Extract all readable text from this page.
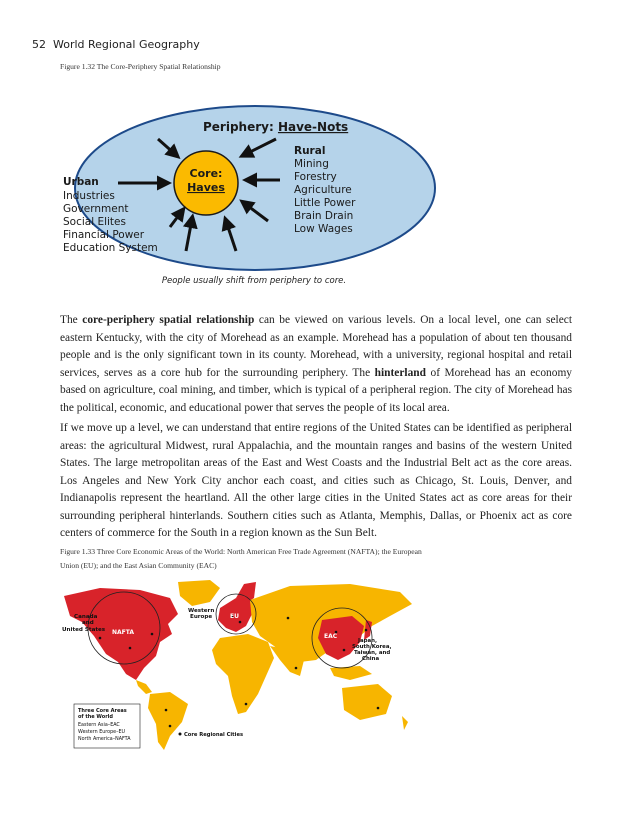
52 World Regional Geography
Figure 1.32 The Core-Periphery Spatial Relationship
Periphery: Have-Nots
Core:
Haves
Urban
Industries
Government
Social Elites
Financial Power
Education System
Rural
Mining
Forestry
Agriculture
Little Power
Brain Drain
Low Wages
People usually shift from periphery to core.

The core-periphery spatial relationship can be viewed on various levels. On a local level, one can select eastern Kentucky, with the city of Morehead as an example. Morehead has a population of about ten thousand people and is the only significant town in its county. Morehead, with a university, regional hospital and retail services, serves as a core hub for the surrounding periphery. The hinterland of Morehead has an economy based on agriculture, coal mining, and timber, which is typical of a peripheral region. The city of Morehead has the political, economic, and educational power that serves the people of its local area.

If we move up a level, we can understand that entire regions of the United States can be identified as peripheral areas: the agricultural Midwest, rural Appalachia, and the mountain ranges and basins of the western United States. The large metropolitan areas of the East and West Coasts and the Industrial Belt act as the core areas. Los Angeles and New York City anchor each coast, and cities such as Chicago, St. Louis, Denver, and Indianapolis represent the heartland. All the other large cities in the United States act as core areas for their surrounding peripheral hinterlands. Southern cities such as Atlanta, Memphis, Dallas, or Phoenix act as core centers of commerce for the South in a region known as the Sun Belt.

Figure 1.33 Three Core Economic Areas of the World: North American Free Trade Agreement (NAFTA); the European
Union (EU); and the East Asian Community (EAC)
Canada
and
United States NAFTA
Western
Europe	EU
EAC
Japan,
South Korea,
Taiwan, and
China
Three Core Areas
of the World
Eastern Asia–EAC
Western Europe–EU
North America–NAFTA
Core Regional Cities
